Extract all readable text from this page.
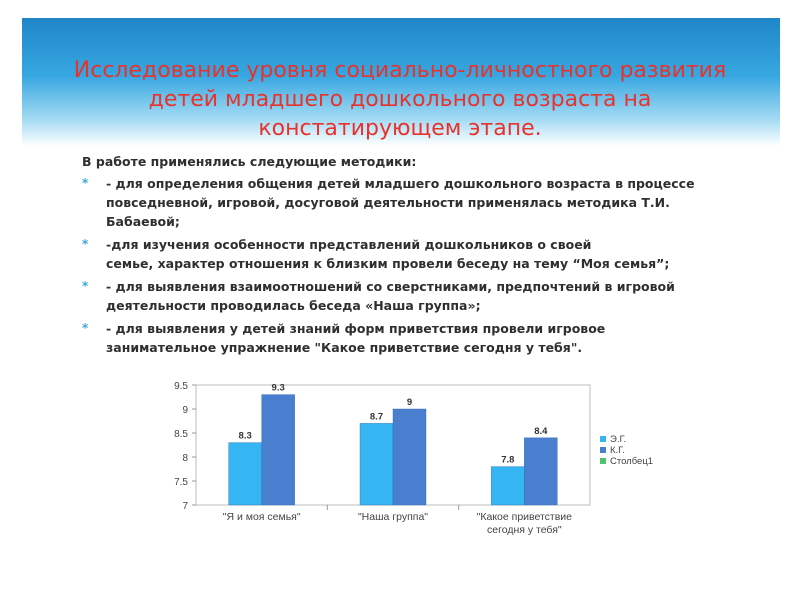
Исследование уровня социально-личностного развития
детей младшего дошкольного возраста на
констатирующем этапе.
В работе применялись следующие методики:
* - для определения общения детей младшего дошкольного возраста в процессе
повседневной, игровой, досуговой деятельности применялась методика Т.И.
Бабаевой;
* -для изучения особенности представлений дошкольников о своей
семье, характер отношения к близким провели беседу на тему “Моя семья”;
* - для выявления взаимоотношений со сверстниками, предпочтений в игровой
деятельности проводилась беседа «Наша группа»;
* - для выявления у детей знаний форм приветствия провели игровое
занимательное упражнение "Какое приветствие сегодня у тебя".
9.5
9
8.5
8
7.5
7
"Я и моя семья"
8.3
9.3
"Наша группа"
8.7
9
"Какое приветствие
сегодня у тебя"
7.8
8.4
Э.Г.
К.Г.
Столбец1
